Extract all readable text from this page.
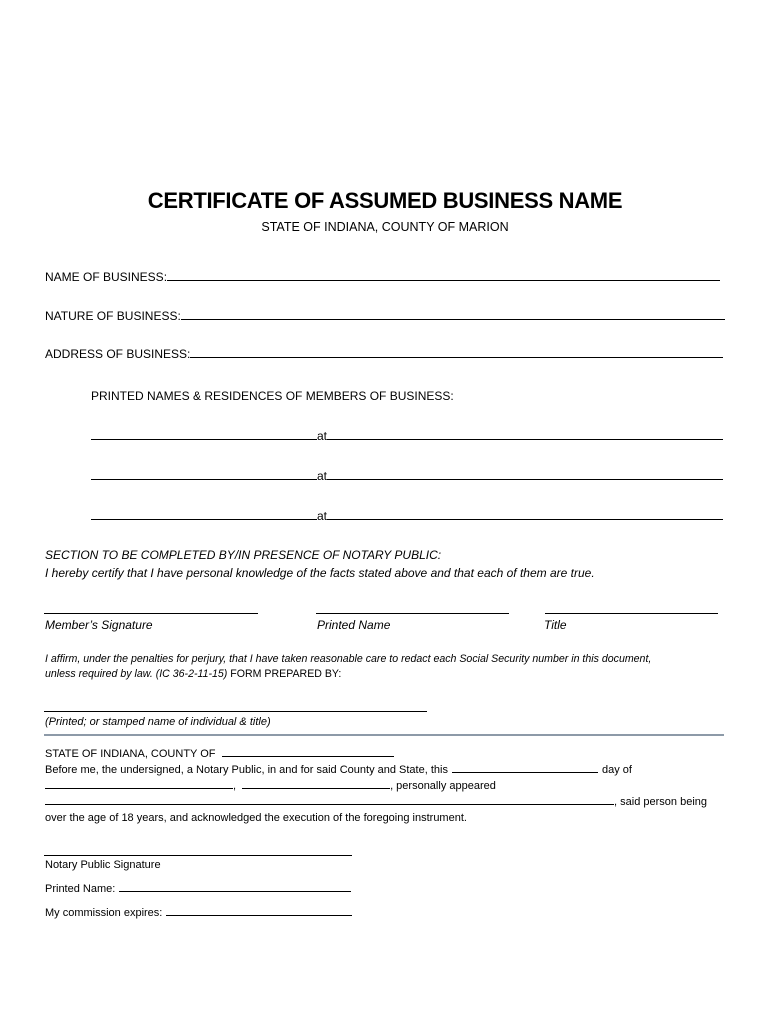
CERTIFICATE OF ASSUMED BUSINESS NAME
STATE OF INDIANA, COUNTY OF MARION
NAME OF BUSINESS:
NATURE OF BUSINESS:
ADDRESS OF BUSINESS:
PRINTED NAMES & RESIDENCES OF MEMBERS OF BUSINESS:
at
at
at
SECTION TO BE COMPLETED BY/IN PRESENCE OF NOTARY PUBLIC:
I hereby certify that I have personal knowledge of the facts stated above and that each of them are true.
Member’s Signature	Printed Name	Title
I affirm, under the penalties for perjury, that I have taken reasonable care to redact each Social Security number in this document,
unless required by law. (IC 36-2-11-15) FORM PREPARED BY:
(Printed; or stamped name of individual & title)
STATE OF INDIANA, COUNTY OF
Before me, the undersigned, a Notary Public, in and for said County and State, this	day of
,	, personally appeared
, said person being
over the age of 18 years, and acknowledged the execution of the foregoing instrument.
Notary Public Signature
Printed Name:
My commission expires:
